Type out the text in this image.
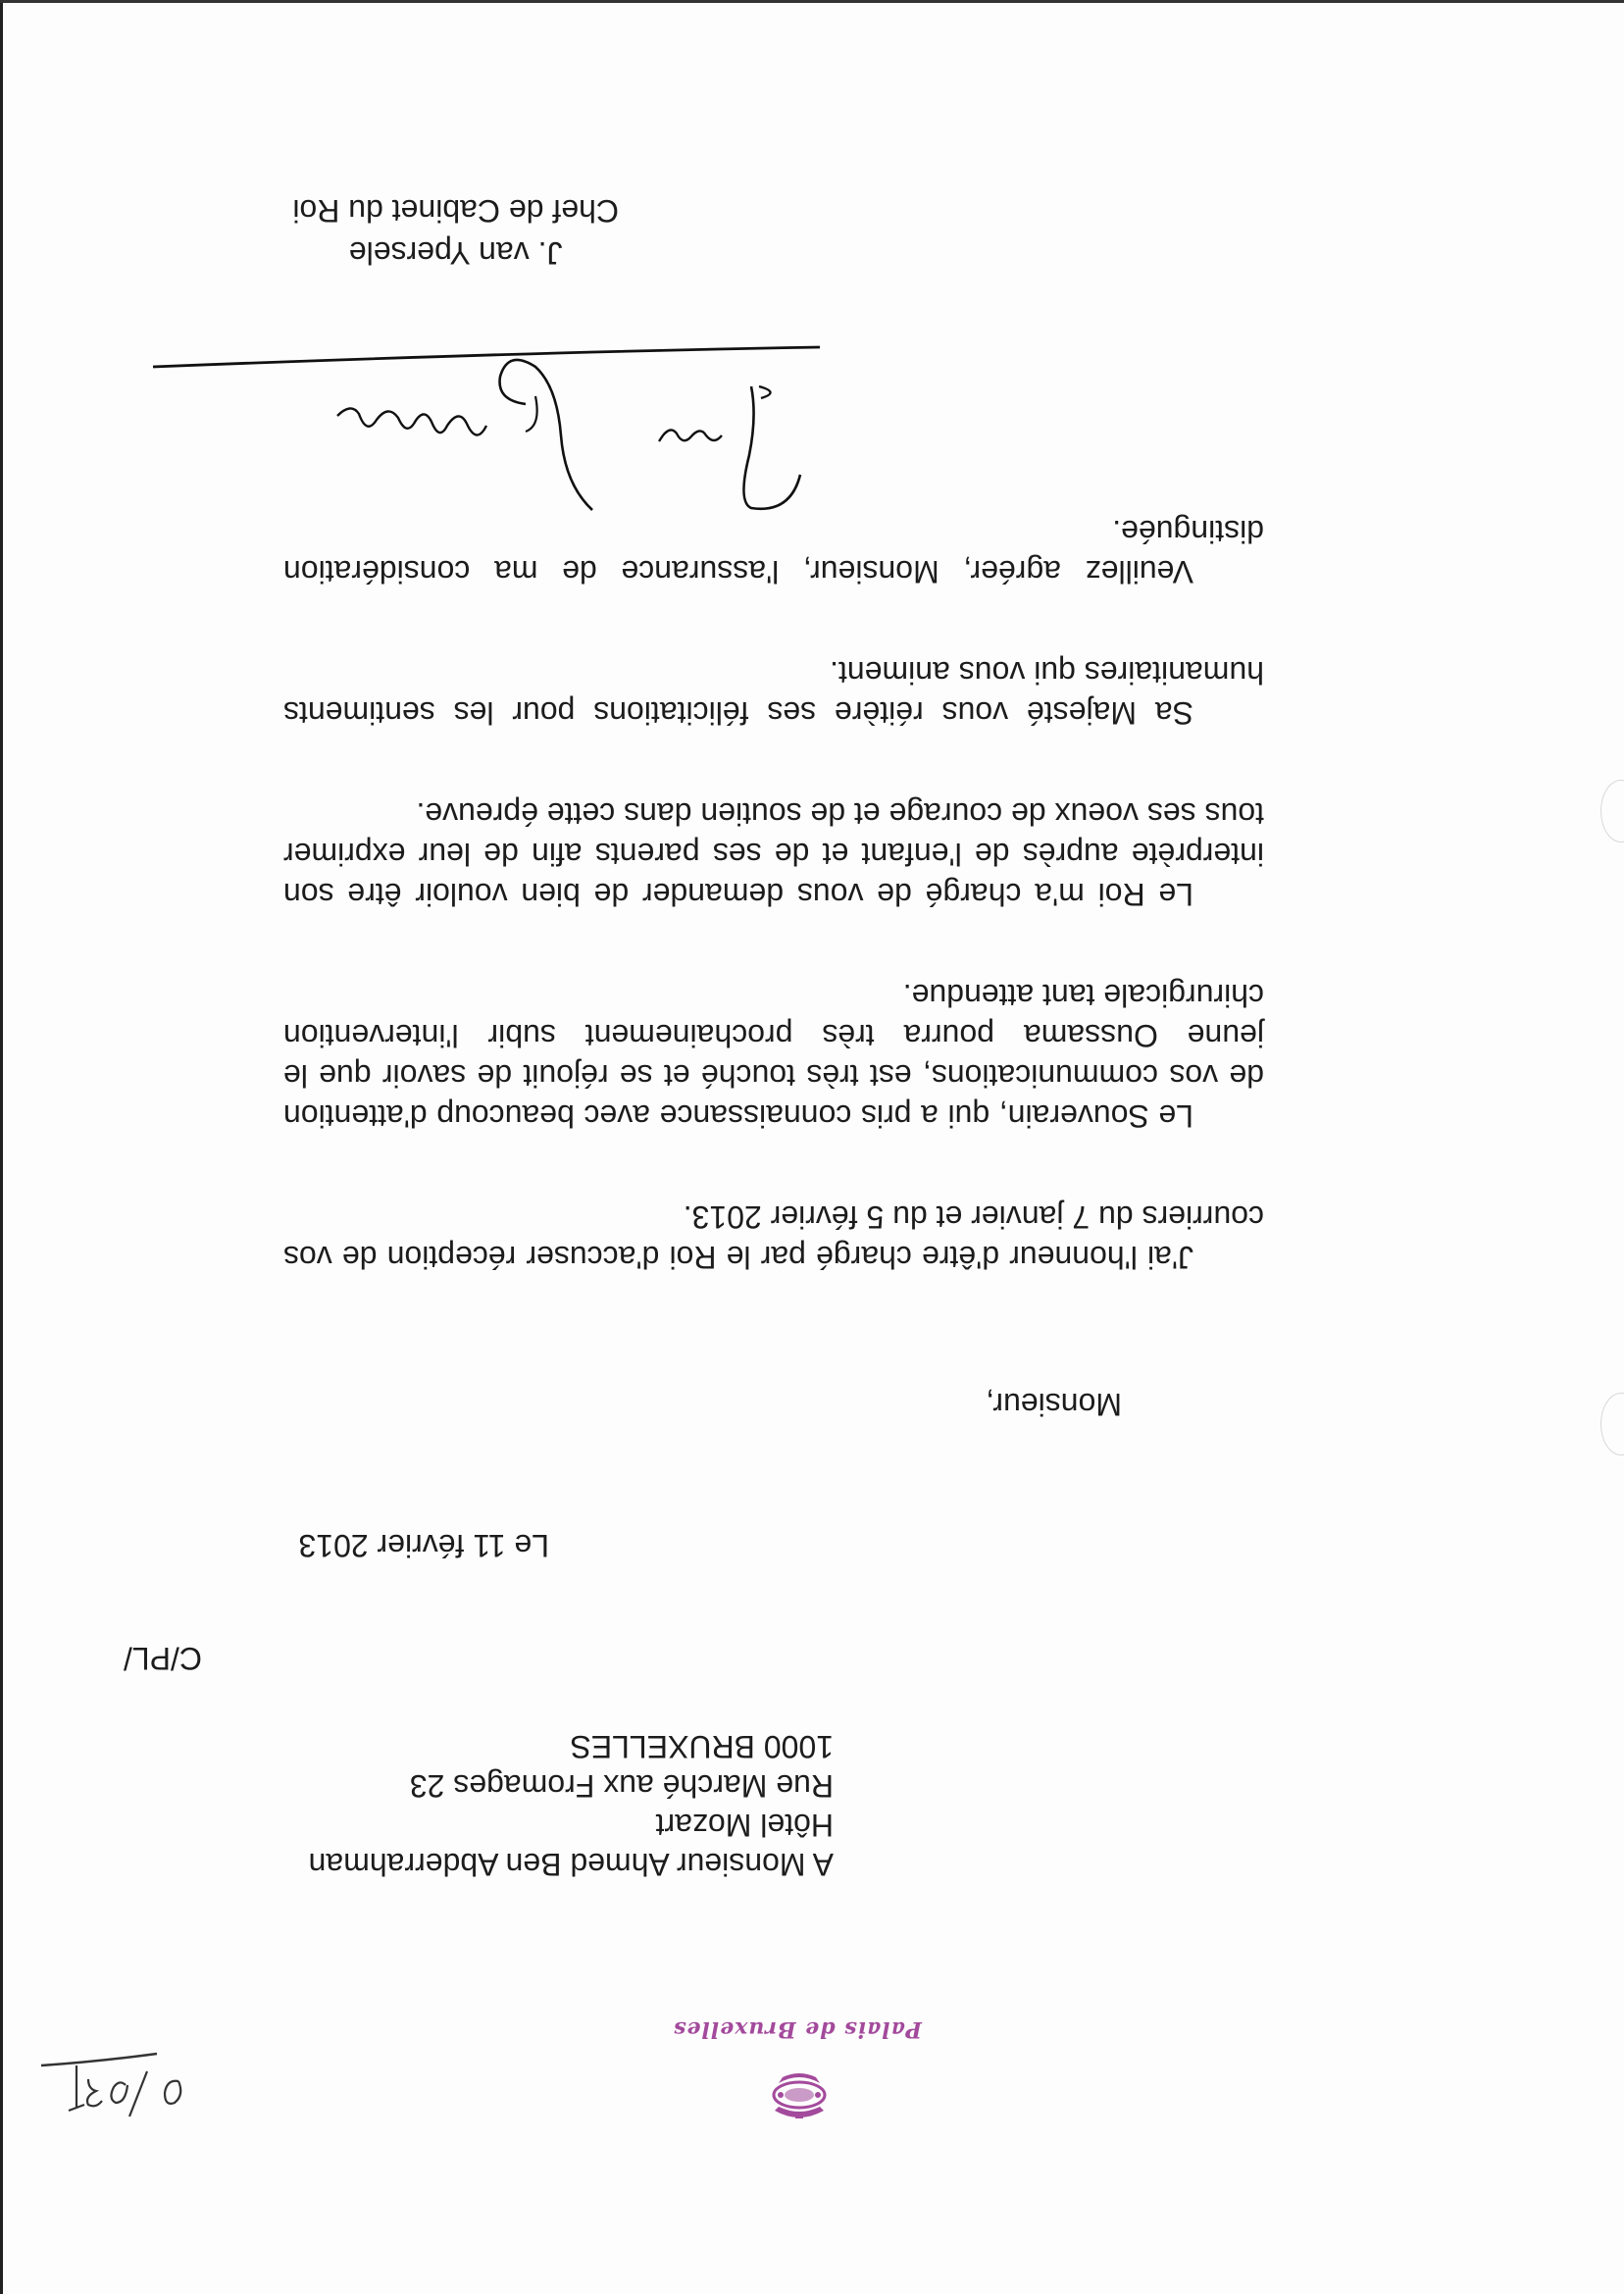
Palais de Bruxelles
A Monsieur Ahmed Ben Abderrahman
Hôtel Mozart
Rue Marché aux Fromages 23
1000 BRUXELLES
C/PL/
Le 11 février 2013
Monsieur,

J'ai l'honneur d'être chargé par le Roi d'accuser réception de vos courriers du 7 janvier et du 5 février 2013.

Le Souverain, qui a pris connaissance avec beaucoup d'attention de vos communications, est très touché et se réjouit de savoir que le jeune Oussama pourra très prochainement subir l'intervention chirurgicale tant attendue.

Le Roi m'a chargé de vous demander de bien vouloir être son interprète auprès de l'enfant et de ses parents afin de leur exprimer tous ses voeux de courage et de soutien dans cette épreuve.

Sa Majesté vous réitère ses félicitations pour les sentiments humanitaires qui vous animent.

Veuillez agréer, Monsieur, l'assurance de ma considération distinguée.

J. van Ypersele
Chef de Cabinet du Roi
